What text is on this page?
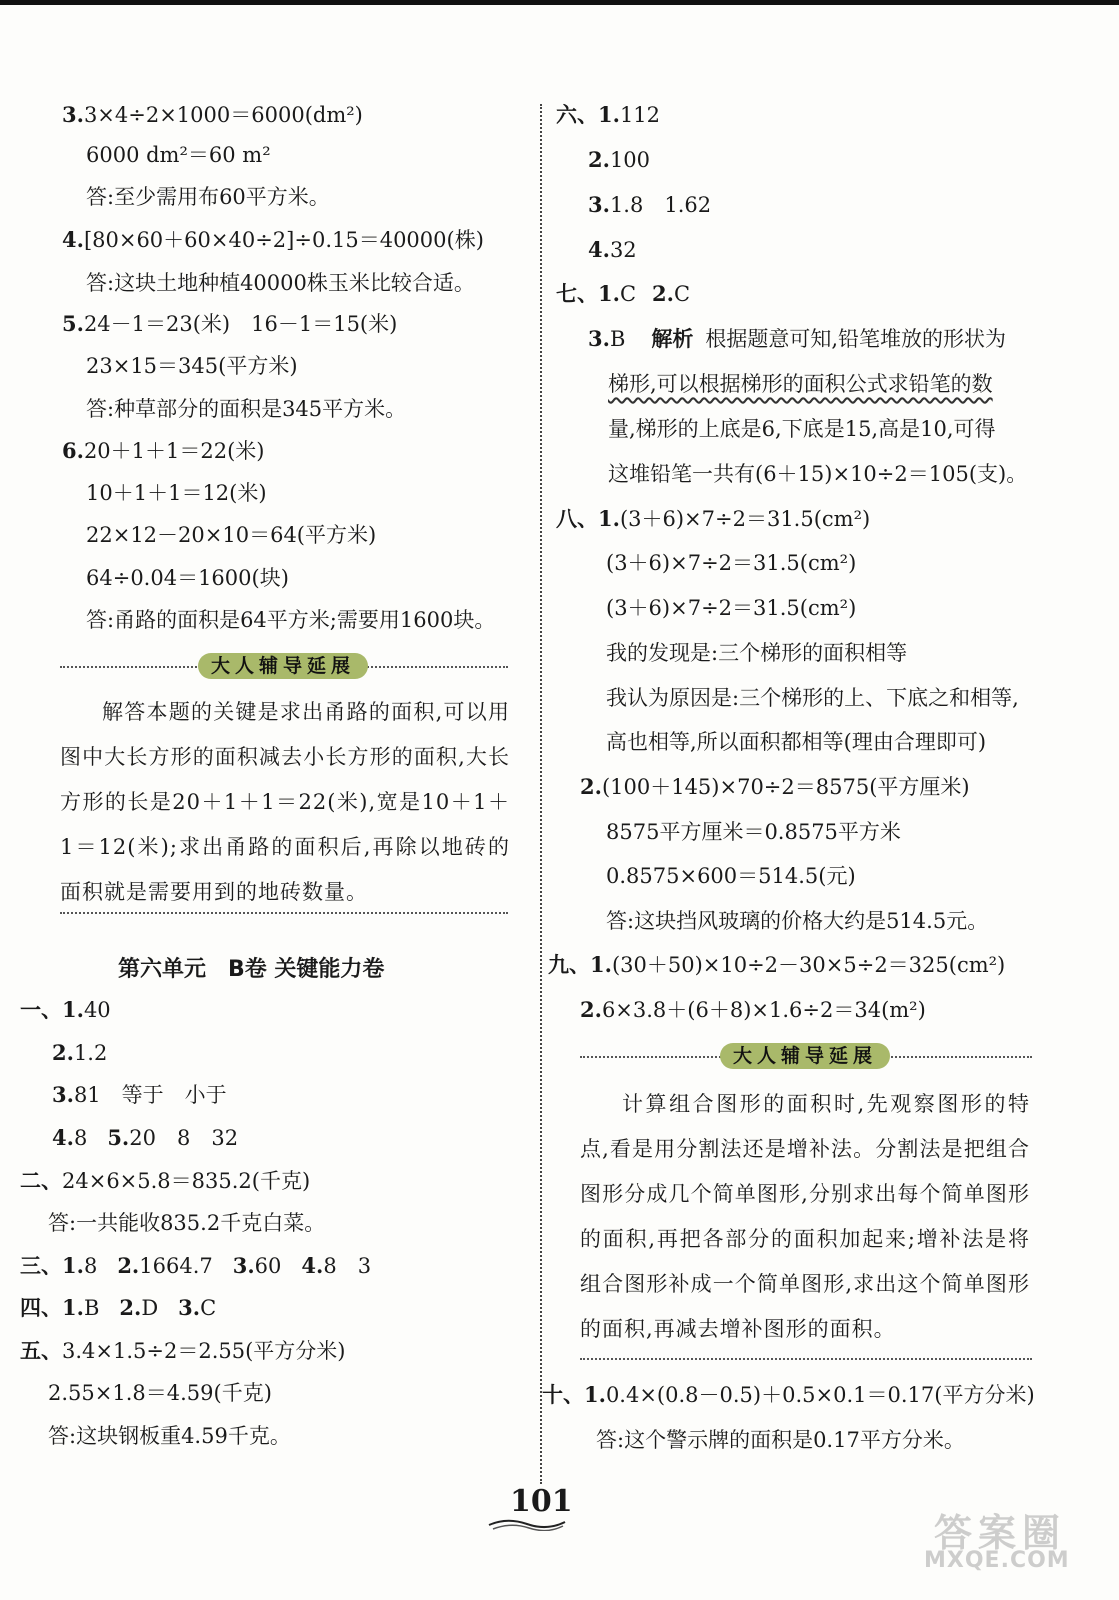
3.3×4÷2×1000＝6000(dm²)
6000 dm²＝60 m²
答:至少需用布60平方米。
4.[80×60＋60×40÷2]÷0.15＝40000(株)
答:这块土地种植40000株玉米比较合适。
5.24－1＝23(米)　16－1＝15(米)
23×15＝345(平方米)
答:种草部分的面积是345平方米。
6.20＋1＋1＝22(米)
10＋1＋1＝12(米)
22×12－20×10＝64(平方米)
64÷0.04＝1600(块)
答:甬路的面积是64平方米;需要用1600块。
大人辅导延展
解答本题的关键是求出甬路的面积,可以用图中大长方形的面积减去小长方形的面积,大长方形的长是20＋1＋1＝22(米),宽是10＋1＋1＝12(米);求出甬路的面积后,再除以地砖的面积就是需要用到的地砖数量。
第六单元　B卷 关键能力卷
一、1.40
2.1.2
3.81　等于　小于
4.8 5.20　8　32
二、24×6×5.8＝835.2(千克)
答:一共能收835.2千克白菜。
三、1.8 2.1664.7 3.60 4.8　3
四、1.B 2.D 3.C
五、3.4×1.5÷2＝2.55(平方分米)
2.55×1.8＝4.59(千克)
答:这块钢板重4.59千克。
六、1.112
2.100
3.1.8　1.62
4.32
七、1.C 2.C
3.B 解析 根据题意可知,铅笔堆放的形状为
梯形,可以根据梯形的面积公式求铅笔的数
量,梯形的上底是6,下底是15,高是10,可得
这堆铅笔一共有(6＋15)×10÷2＝105(支)。
八、1.(3＋6)×7÷2＝31.5(cm²)
(3＋6)×7÷2＝31.5(cm²)
(3＋6)×7÷2＝31.5(cm²)
我的发现是:三个梯形的面积相等
我认为原因是:三个梯形的上、下底之和相等,
高也相等,所以面积都相等(理由合理即可)
2.(100＋145)×70÷2＝8575(平方厘米)
8575平方厘米＝0.8575平方米
0.8575×600＝514.5(元)
答:这块挡风玻璃的价格大约是514.5元。
九、1.(30＋50)×10÷2－30×5÷2＝325(cm²)
2.6×3.8＋(6＋8)×1.6÷2＝34(m²)
大人辅导延展
计算组合图形的面积时,先观察图形的特点,看是用分割法还是增补法。分割法是把组合图形分成几个简单图形,分别求出每个简单图形的面积,再把各部分的面积加起来;增补法是将组合图形补成一个简单图形,求出这个简单图形的面积,再减去增补图形的面积。
十、1.0.4×(0.8－0.5)＋0.5×0.1＝0.17(平方分米)
答:这个警示牌的面积是0.17平方分米。
101
答案圈
MXQE.COM
